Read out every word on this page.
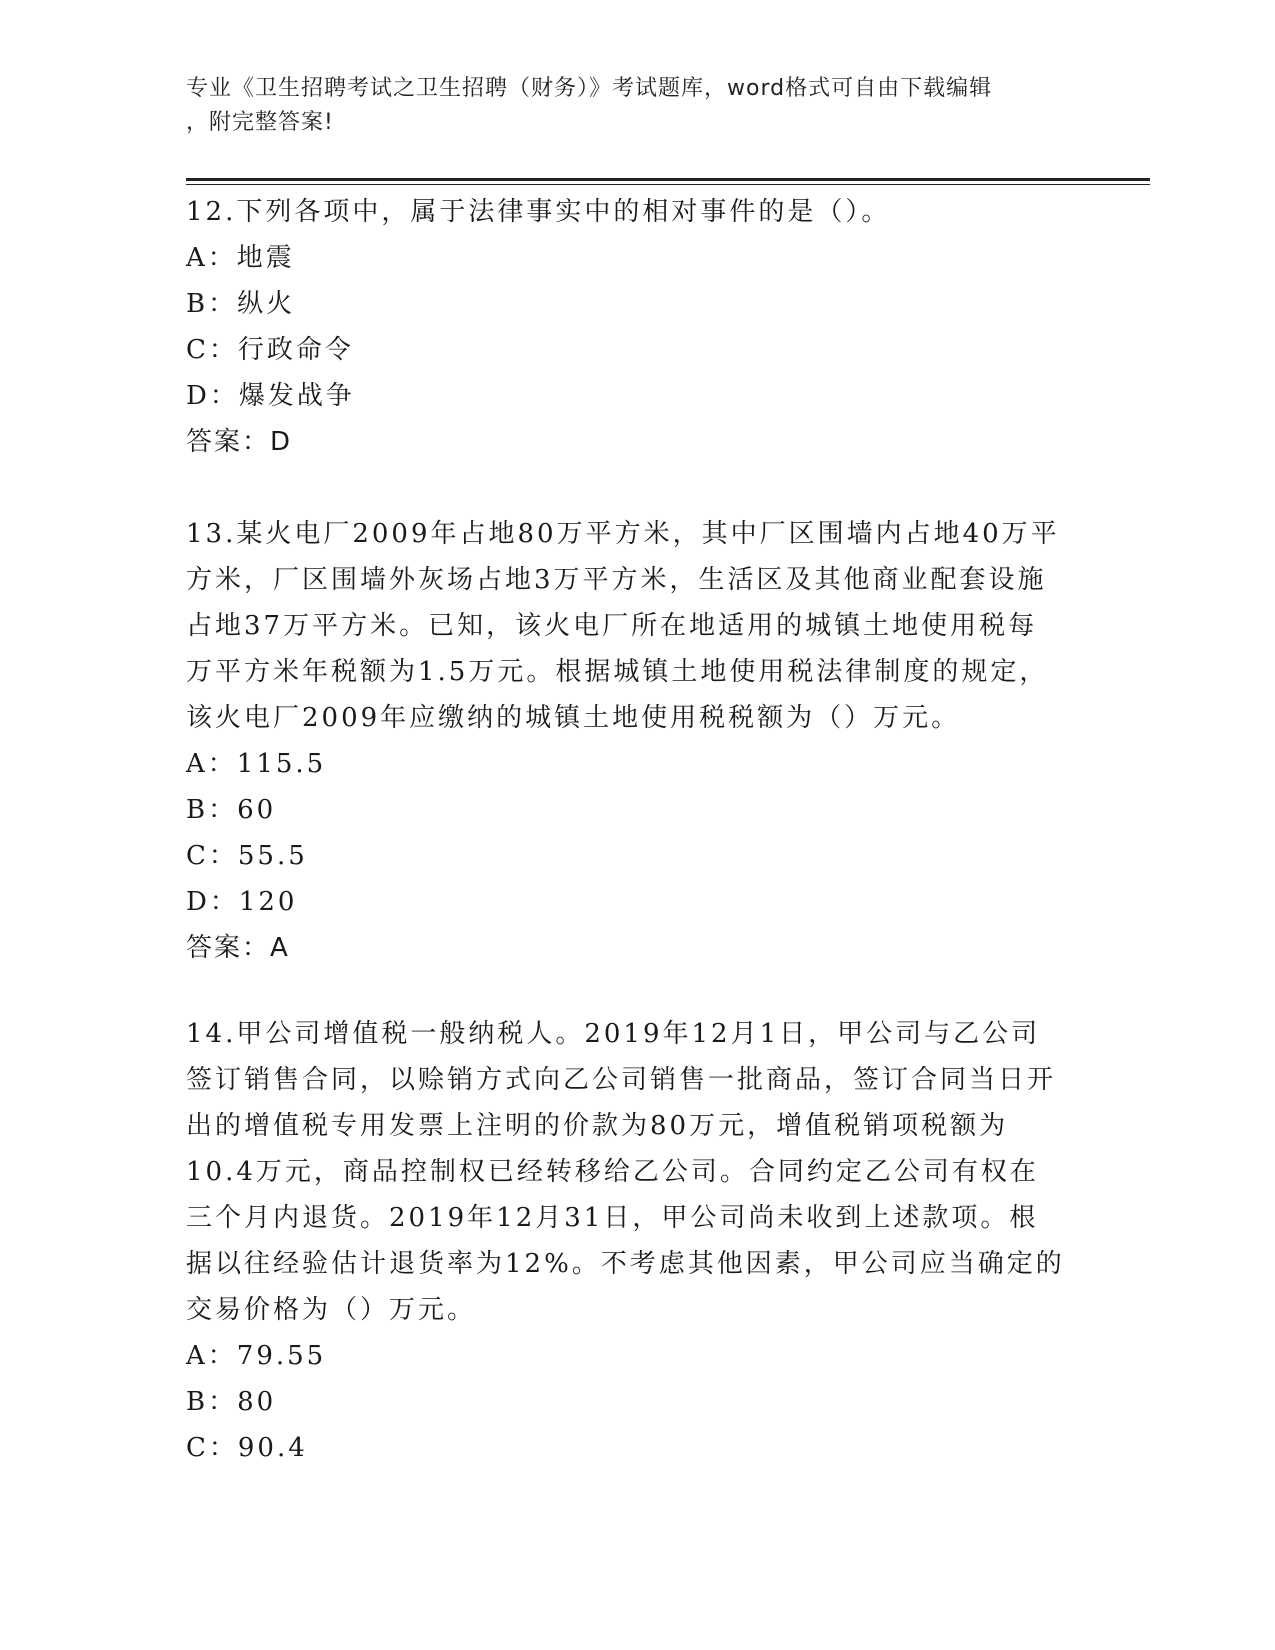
专业《卫生招聘考试之卫生招聘（财务）》考试题库，word格式可自由下载编辑
，附完整答案!

12.下列各项中，属于法律事实中的相对事件的是（）。

A：地震

B：纵火

C：行政命令

D：爆发战争

答案：D

13.某火电厂2009年占地80万平方米，其中厂区围墙内占地40万平方米，厂区围墙外灰场占地3万平方米，生活区及其他商业配套设施占地37万平方米。已知，该火电厂所在地适用的城镇土地使用税每万平方米年税额为1.5万元。根据城镇土地使用税法律制度的规定，该火电厂2009年应缴纳的城镇土地使用税税额为（）万元。

A：115.5

B：60

C：55.5

D：120

答案：A

14.甲公司增值税一般纳税人。2019年12月1日，甲公司与乙公司签订销售合同，以赊销方式向乙公司销售一批商品，签订合同当日开出的增值税专用发票上注明的价款为80万元，增值税销项税额为10.4万元，商品控制权已经转移给乙公司。合同约定乙公司有权在三个月内退货。2019年12月31日，甲公司尚未收到上述款项。根据以往经验估计退货率为12%。不考虑其他因素，甲公司应当确定的交易价格为（）万元。

A：79.55

B：80

C：90.4
